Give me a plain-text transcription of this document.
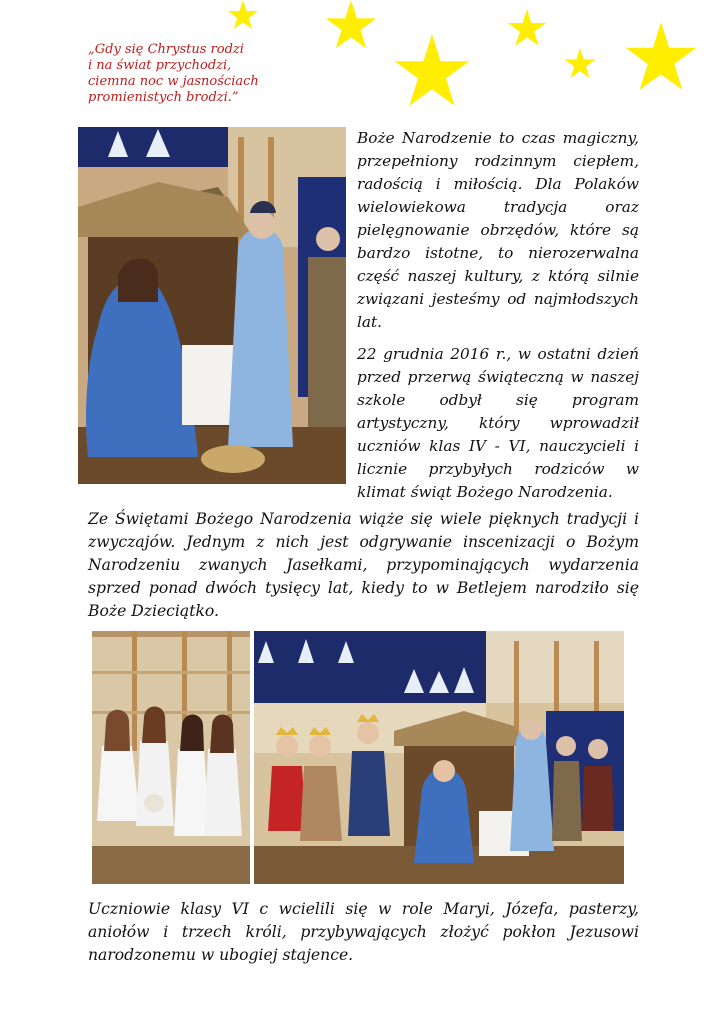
„Gdy się Chrystus rodzi
i na świat przychodzi,
ciemna noc w jasnościach
promienistych brodzi.”

Boże Narodzenie to czas magiczny, przepełniony rodzinnym ciepłem, radością i miłością. Dla Polaków wielowiekowa tradycja oraz pielęgnowanie obrzędów, które są bardzo istotne, to nierozerwalna część naszej kultury, z którą silnie związani jesteśmy od najmłodszych lat.

22 grudnia 2016 r., w ostatni dzień przed przerwą świąteczną w naszej szkole odbył się program artystyczny, który wprowadził uczniów klas IV - VI, nauczycieli i licznie przybyłych rodziców w klimat świąt Bożego Narodzenia.

Ze Świętami Bożego Narodzenia wiąże się wiele pięknych tradycji i zwyczajów. Jednym z nich jest odgrywanie inscenizacji o Bożym Narodzeniu zwanych Jasełkami, przypominających wydarzenia sprzed ponad dwóch tysięcy lat, kiedy to w Betlejem narodziło się Boże Dzieciątko.

Uczniowie klasy VI c wcielili się w role Maryi, Józefa, pasterzy, aniołów i trzech króli, przybywających złożyć pokłon Jezusowi narodzonemu w ubogiej stajence.
